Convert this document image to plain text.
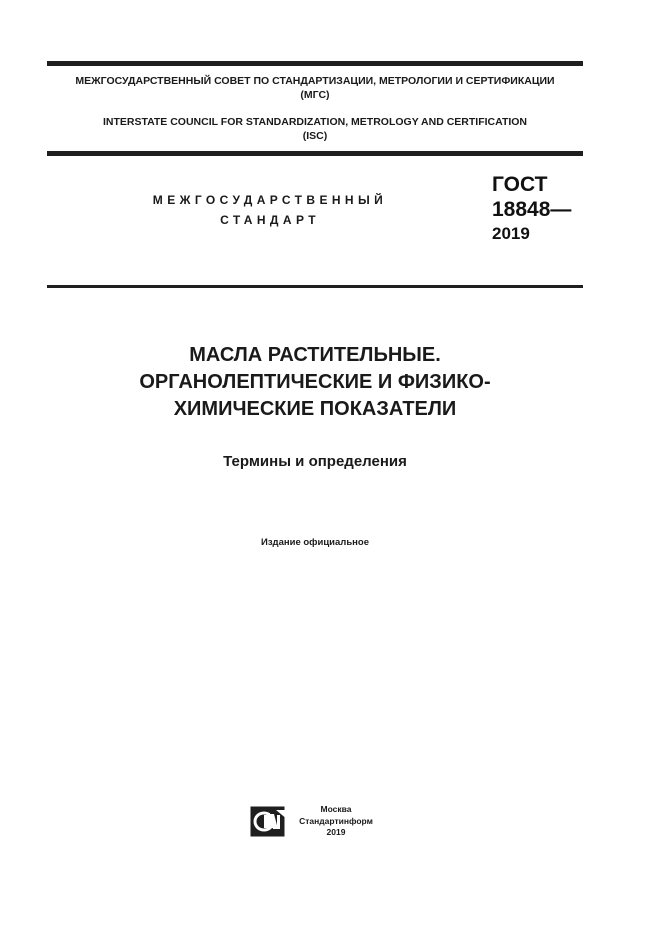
МЕЖГОСУДАРСТВЕННЫЙ СОВЕТ ПО СТАНДАРТИЗАЦИИ, МЕТРОЛОГИИ И СЕРТИФИКАЦИИ
(МГС)
INTERSTATE COUNCIL FOR STANDARDIZATION, METROLOGY AND CERTIFICATION
(ISC)
МЕЖГОСУДАРСТВЕННЫЙ
СТАНДАРТ
ГОСТ
18848—
2019
МАСЛА РАСТИТЕЛЬНЫЕ.
ОРГАНОЛЕПТИЧЕСКИЕ И ФИЗИКО-
ХИМИЧЕСКИЕ ПОКАЗАТЕЛИ
Термины и определения
Издание официальное
Москва
Стандартинформ
2019
